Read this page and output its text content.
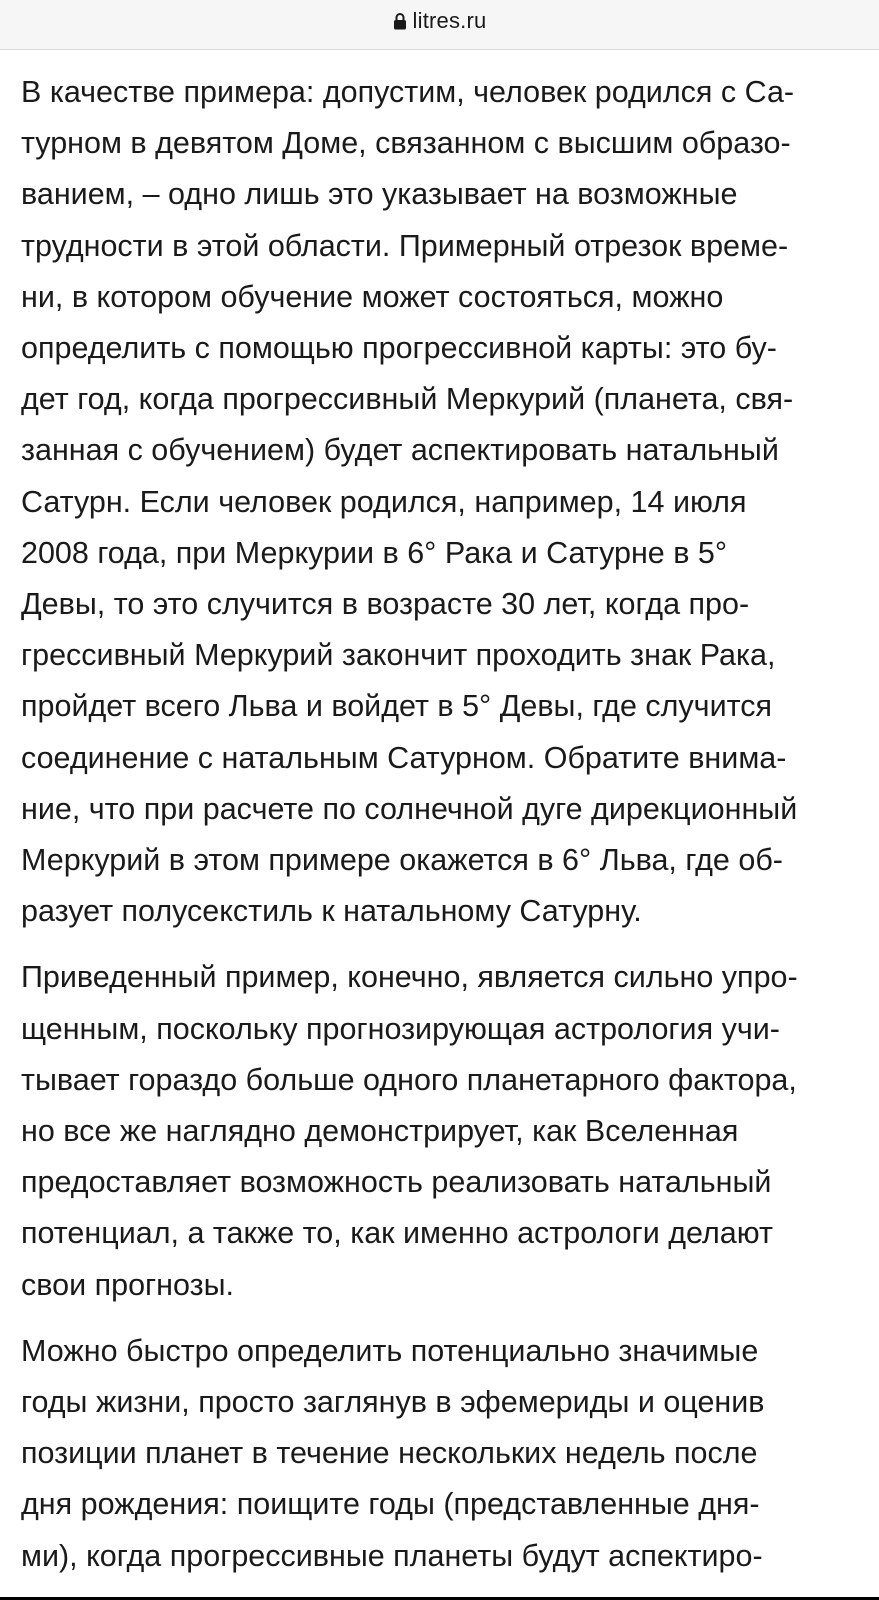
litres.ru

В качестве примера: допустим, человек родился с Са-
турном в девятом Доме, связанном с высшим образо-
ванием, – одно лишь это указывает на возможные
трудности в этой области. Примерный отрезок време-
ни, в котором обучение может состояться, можно
определить с помощью прогрессивной карты: это бу-
дет год, когда прогрессивный Меркурий (планета, свя-
занная с обучением) будет аспектировать натальный
Сатурн. Если человек родился, например, 14 июля
2008 года, при Меркурии в 6° Рака и Сатурне в 5°
Девы, то это случится в возрасте 30 лет, когда про-
грессивный Меркурий закончит проходить знак Рака,
пройдет всего Льва и войдет в 5° Девы, где случится
соединение с натальным Сатурном. Обратите внима-
ние, что при расчете по солнечной дуге дирекционный
Меркурий в этом примере окажется в 6° Льва, где об-
разует полусекстиль к натальному Сатурну.

Приведенный пример, конечно, является сильно упро-
щенным, поскольку прогнозирующая астрология учи-
тывает гораздо больше одного планетарного фактора,
но все же наглядно демонстрирует, как Вселенная
предоставляет возможность реализовать натальный
потенциал, а также то, как именно астрологи делают
свои прогнозы.

Можно быстро определить потенциально значимые
годы жизни, просто заглянув в эфемериды и оценив
позиции планет в течение нескольких недель после
дня рождения: поищите годы (представленные дня-
ми), когда прогрессивные планеты будут аспектиро-
